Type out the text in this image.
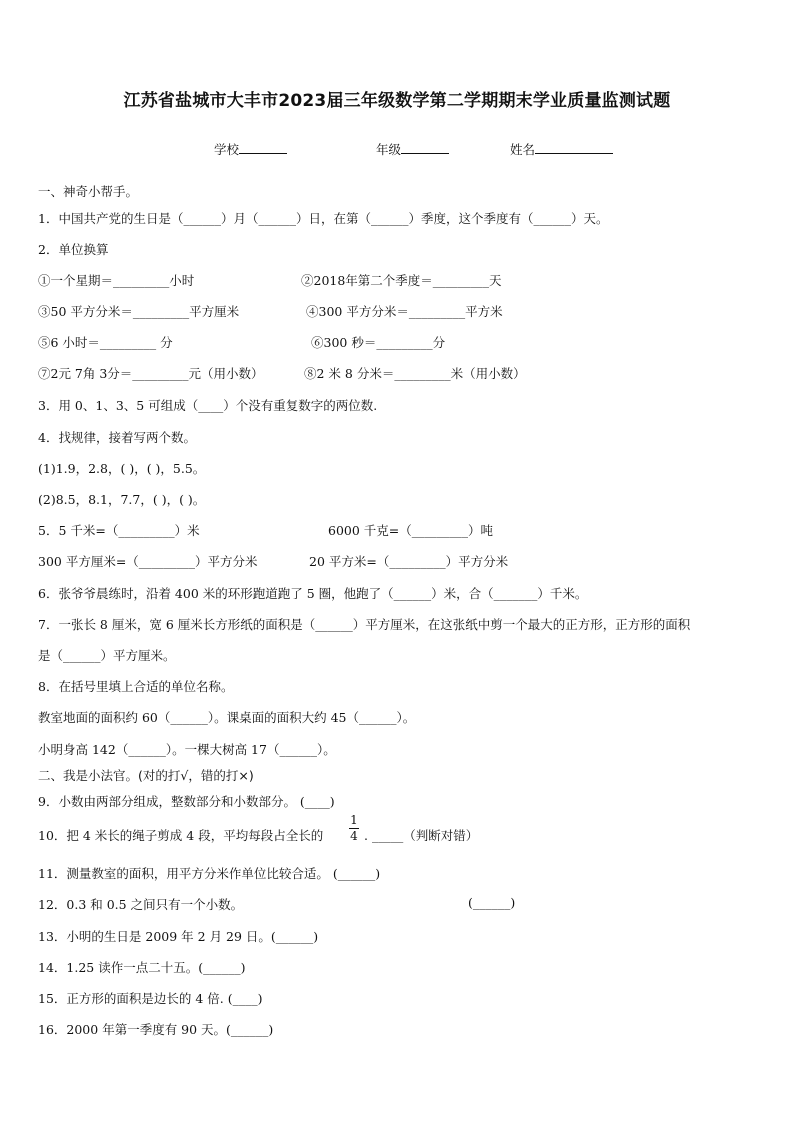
江苏省盐城市大丰市2023届三年级数学第二学期期末学业质量监测试题
学校	年级	姓名
一、神奇小帮手。
1．中国共产党的生日是（______）月（______）日，在第（______）季度，这个季度有（______）天。
2．单位换算
①一个星期＝_________小时	②2018年第二个季度＝_________天
③50 平方分米＝_________平方厘米	④300 平方分米＝_________平方米
⑤6 小时＝_________ 分	⑥300 秒＝_________分
⑦2元 7角 3分＝_________元（用小数）	⑧2 米 8 分米＝_________米（用小数）
3．用 0、1、3、5 可组成（____）个没有重复数字的两位数.
4．找规律，接着写两个数。
(1)1.9，2.8，( )，( )，5.5。
(2)8.5，8.1，7.7，( )，( )。
5．5 千米=（_________）米	6000 千克=（_________）吨
300 平方厘米=（_________）平方分米	20 平方米=（_________）平方分米
6．张爷爷晨练时，沿着 400 米的环形跑道跑了 5 圈，他跑了（______）米，合（_______）千米。
7．一张长 8 厘米，宽 6 厘米长方形纸的面积是（______）平方厘米，在这张纸中剪一个最大的正方形，正方形的面积
是（______）平方厘米。
8．在括号里填上合适的单位名称。
教室地面的面积约 60（______）。课桌面的面积大约 45（______）。
小明身高 142（______）。一棵大树高 17（______）。
二、我是小法官。(对的打√，错的打×)
9．小数由两部分组成，整数部分和小数部分。 (____)
10．把 4 米长的绳子剪成 4 段，平均每段占全长的
1
4 . _____（判断对错）
11．测量教室的面积，用平方分米作单位比较合适。 (______)
12．0.3 和 0.5 之间只有一个小数。	(______)
13．小明的生日是 2009 年 2 月 29 日。(______)
14．1.25 读作一点二十五。(______)
15．正方形的面积是边长的 4 倍. (____)
16．2000 年第一季度有 90 天。(______)
